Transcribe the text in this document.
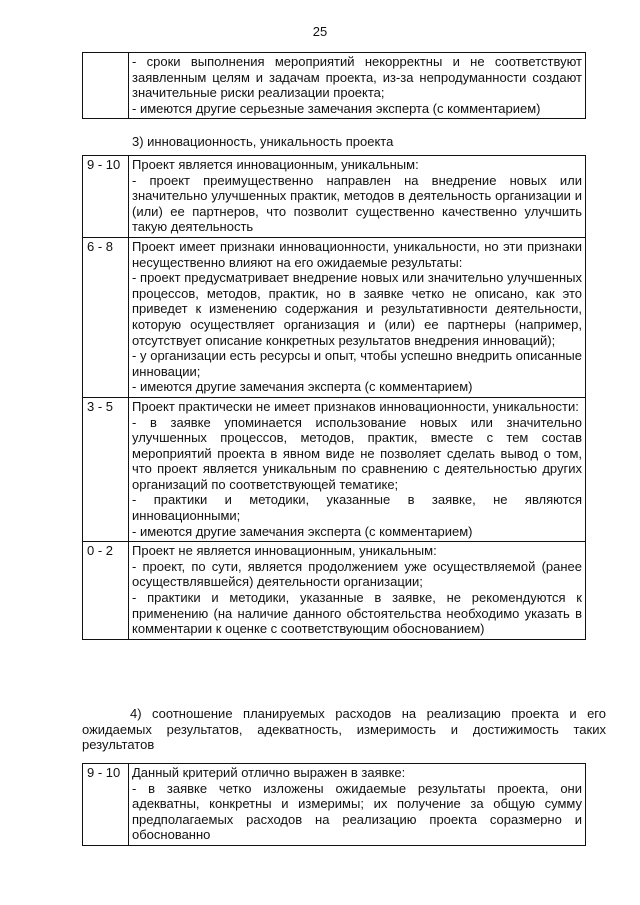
25

- сроки выполнения мероприятий некорректны и не соответствуют заявленным целям и задачам проекта, из-за непродуманности создают значительные риски реализации проекта;
- имеются другие серьезные замечания эксперта (с комментарием)
3) инновационность, уникальность проекта
9 - 10	Проект является инновационным, уникальным:
- проект преимущественно направлен на внедрение новых или значительно улучшенных практик, методов в деятельность организации и (или) ее партнеров, что позволит существенно качественно улучшить такую деятельность

6 - 8	Проект имеет признаки инновационности, уникальности, но эти признаки несущественно влияют на его ожидаемые результаты:
- проект предусматривает внедрение новых или значительно улучшенных процессов, методов, практик, но в заявке четко не описано, как это приведет к изменению содержания и результативности деятельности, которую осуществляет организация и (или) ее партнеры (например, отсутствует описание конкретных результатов внедрения инноваций);
- у организации есть ресурсы и опыт, чтобы успешно внедрить описанные инновации;
- имеются другие замечания эксперта (с комментарием)

3 - 5	Проект практически не имеет признаков инновационности, уникальности:
- в заявке упоминается использование новых или значительно улучшенных процессов, методов, практик, вместе с тем состав мероприятий проекта в явном виде не позволяет сделать вывод о том, что проект является уникальным по сравнению с деятельностью других организаций по соответствующей тематике;
- практики и методики, указанные в заявке, не являются инновационными;
- имеются другие замечания эксперта (с комментарием)

0 - 2	Проект не является инновационным, уникальным:
- проект, по сути, является продолжением уже осуществляемой (ранее осуществлявшейся) деятельности организации;
- практики и методики, указанные в заявке, не рекомендуются к применению (на наличие данного обстоятельства необходимо указать в комментарии к оценке с соответствующим обоснованием)
4) соотношение планируемых расходов на реализацию проекта и его ожидаемых результатов, адекватность, измеримость и достижимость таких результатов
9 - 10	Данный критерий отлично выражен в заявке:
- в заявке четко изложены ожидаемые результаты проекта, они адекватны, конкретны и измеримы; их получение за общую сумму предполагаемых расходов на реализацию проекта соразмерно и обоснованно
